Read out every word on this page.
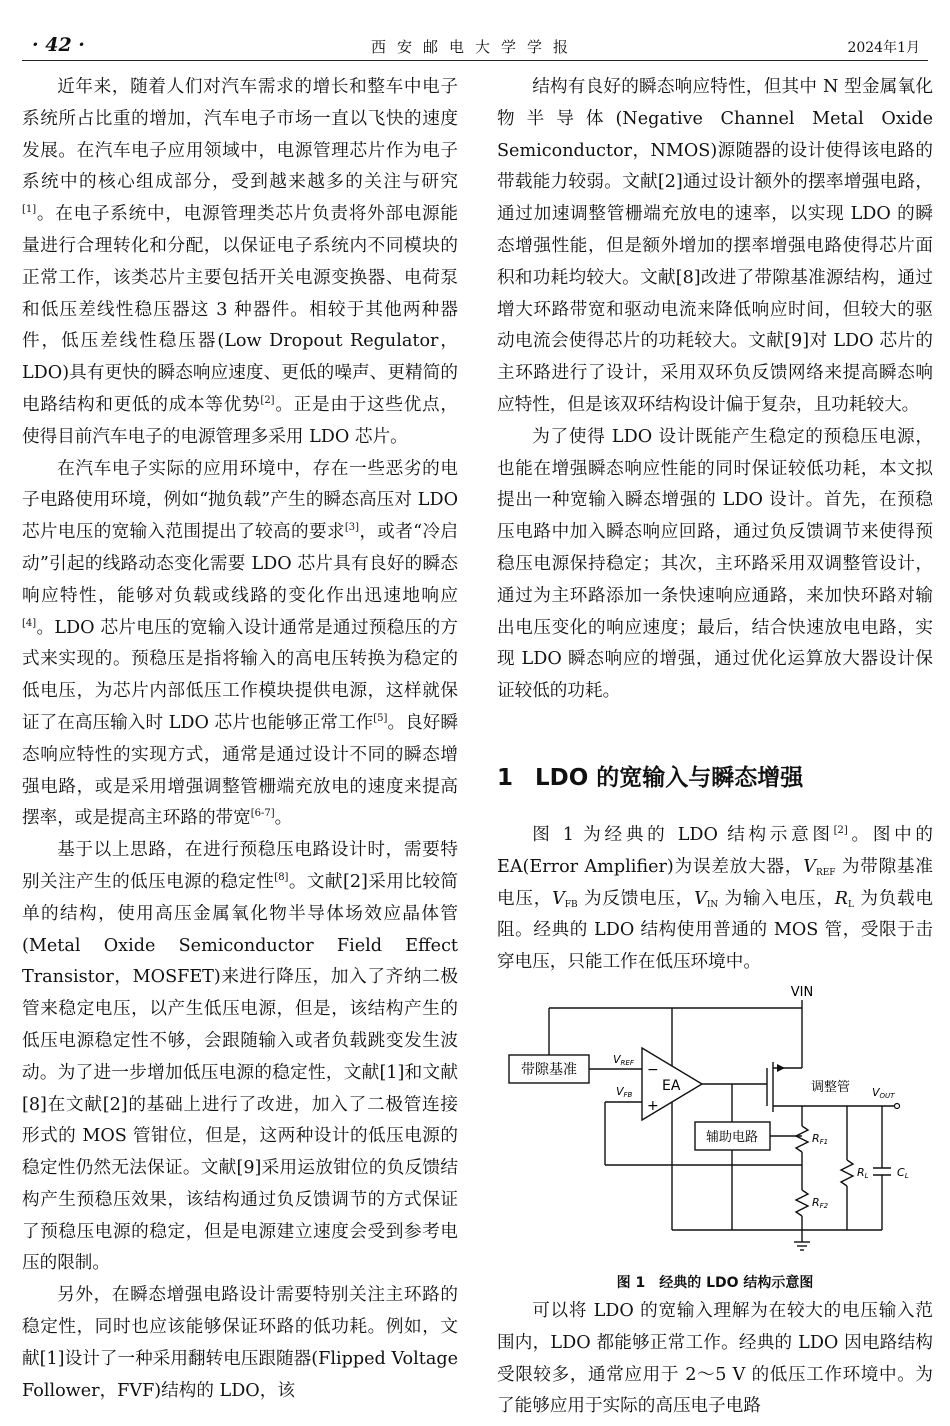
· 42 ·	西安邮电大学学报	2024年1月

近年来，随着人们对汽车需求的增长和整车中电子系统所占比重的增加，汽车电子市场一直以飞快的速度发展。在汽车电子应用领域中，电源管理芯片作为电子系统中的核心组成部分，受到越来越多的关注与研究[1]。在电子系统中，电源管理类芯片负责将外部电源能量进行合理转化和分配，以保证电子系统内不同模块的正常工作，该类芯片主要包括开关电源变换器、电荷泵和低压差线性稳压器这 3 种器件。相较于其他两种器件，低压差线性稳压器(Low Dropout Regulator，LDO)具有更快的瞬态响应速度、更低的噪声、更精简的电路结构和更低的成本等优势[2]。正是由于这些优点，使得目前汽车电子的电源管理多采用 LDO 芯片。

在汽车电子实际的应用环境中，存在一些恶劣的电子电路使用环境，例如“抛负载”产生的瞬态高压对 LDO 芯片电压的宽输入范围提出了较高的要求[3]，或者“冷启动”引起的线路动态变化需要 LDO 芯片具有良好的瞬态响应特性，能够对负载或线路的变化作出迅速地响应[4]。LDO 芯片电压的宽输入设计通常是通过预稳压的方式来实现的。预稳压是指将输入的高电压转换为稳定的低电压，为芯片内部低压工作模块提供电源，这样就保证了在高压输入时 LDO 芯片也能够正常工作[5]。良好瞬态响应特性的实现方式，通常是通过设计不同的瞬态增强电路，或是采用增强调整管栅端充放电的速度来提高摆率，或是提高主环路的带宽[6-7]。

基于以上思路，在进行预稳压电路设计时，需要特别关注产生的低压电源的稳定性[8]。文献[2]采用比较简单的结构，使用高压金属氧化物半导体场效应晶体管(Metal Oxide Semiconductor Field Effect Transistor，MOSFET)来进行降压，加入了齐纳二极管来稳定电压，以产生低压电源，但是，该结构产生的低压电源稳定性不够，会跟随输入或者负载跳变发生波动。为了进一步增加低压电源的稳定性，文献[1]和文献[8]在文献[2]的基础上进行了改进，加入了二极管连接形式的 MOS 管钳位，但是，这两种设计的低压电源的稳定性仍然无法保证。文献[9]采用运放钳位的负反馈结构产生预稳压效果，该结构通过负反馈调节的方式保证了预稳压电源的稳定，但是电源建立速度会受到参考电压的限制。

另外，在瞬态增强电路设计需要特别关注主环路的稳定性，同时也应该能够保证环路的低功耗。例如，文献[1]设计了一种采用翻转电压跟随器(Flipped Voltage Follower，FVF)结构的 LDO，该

结构有良好的瞬态响应特性，但其中 N 型金属氧化物半导体(Negative Channel Metal Oxide Semiconductor，NMOS)源随器的设计使得该电路的带载能力较弱。文献[2]通过设计额外的摆率增强电路，通过加速调整管栅端充放电的速率，以实现 LDO 的瞬态增强性能，但是额外增加的摆率增强电路使得芯片面积和功耗均较大。文献[8]改进了带隙基准源结构，通过增大环路带宽和驱动电流来降低响应时间，但较大的驱动电流会使得芯片的功耗较大。文献[9]对 LDO 芯片的主环路进行了设计，采用双环负反馈网络来提高瞬态响应特性，但是该双环结构设计偏于复杂，且功耗较大。

为了使得 LDO 设计既能产生稳定的预稳压电源，也能在增强瞬态响应性能的同时保证较低功耗，本文拟提出一种宽输入瞬态增强的 LDO 设计。首先，在预稳压电路中加入瞬态响应回路，通过负反馈调节来使得预稳压电源保持稳定；其次，主环路采用双调整管设计，通过为主环路添加一条快速响应通路，来加快环路对输出电压变化的响应速度；最后，结合快速放电电路，实现 LDO 瞬态响应的增强，通过优化运算放大器设计保证较低的功耗。

1 LDO 的宽输入与瞬态增强

图 1 为经典的 LDO 结构示意图[2]。图中的 EA(Error Amplifier)为误差放大器，$V_{REF}$ 为带隙基准电压，$V_{FB}$ 为反馈电压，$V_{IN}$ 为输入电压，$R_L$ 为负载电阻。经典的 LDO 结构使用普通的 MOS 管，受限于击穿电压，只能工作在低压环境中。

VIN
带隙基准
VREF
VFB
−
+
EA	调整管 VOUT
辅助电路	RF1
RF2
RL	CL
图 1　经典的 LDO 结构示意图

可以将 LDO 的宽输入理解为在较大的电压输入范围内，LDO 都能够正常工作。经典的 LDO 因电路结构受限较多，通常应用于 2～5 V 的低压工作环境中。为了能够应用于实际的高压电子电路
